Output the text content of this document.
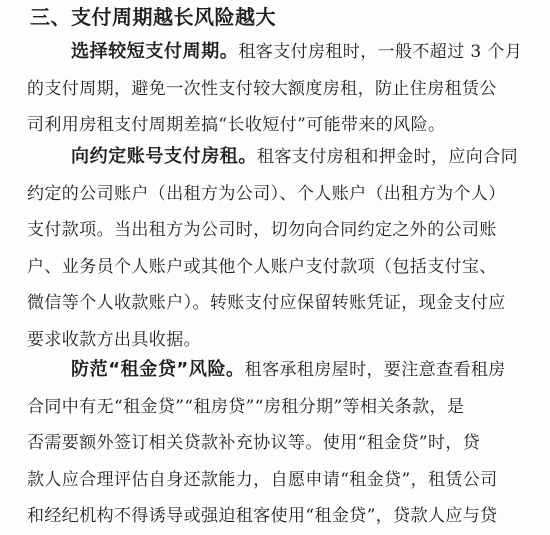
三、支付周期越长风险越大
选择较短支付周期。租客支付房租时，一般不超过 3 个月
的支付周期，避免一次性支付较大额度房租，防止住房租赁公
司利用房租支付周期差搞“长收短付”可能带来的风险。
向约定账号支付房租。租客支付房租和押金时，应向合同
约定的公司账户（出租方为公司）、个人账户（出租方为个人）
支付款项。当出租方为公司时，切勿向合同约定之外的公司账
户、业务员个人账户或其他个人账户支付款项（包括支付宝、
微信等个人收款账户）。转账支付应保留转账凭证，现金支付应
要求收款方出具收据。
防范“租金贷”风险。租客承租房屋时，要注意查看租房
合同中有无“租金贷”“租房贷”“房租分期”等相关条款，是
否需要额外签订相关贷款补充协议等。使用“租金贷”时，贷
款人应合理评估自身还款能力，自愿申请“租金贷”，租赁公司
和经纪机构不得诱导或强迫租客使用“租金贷”，贷款人应与贷
